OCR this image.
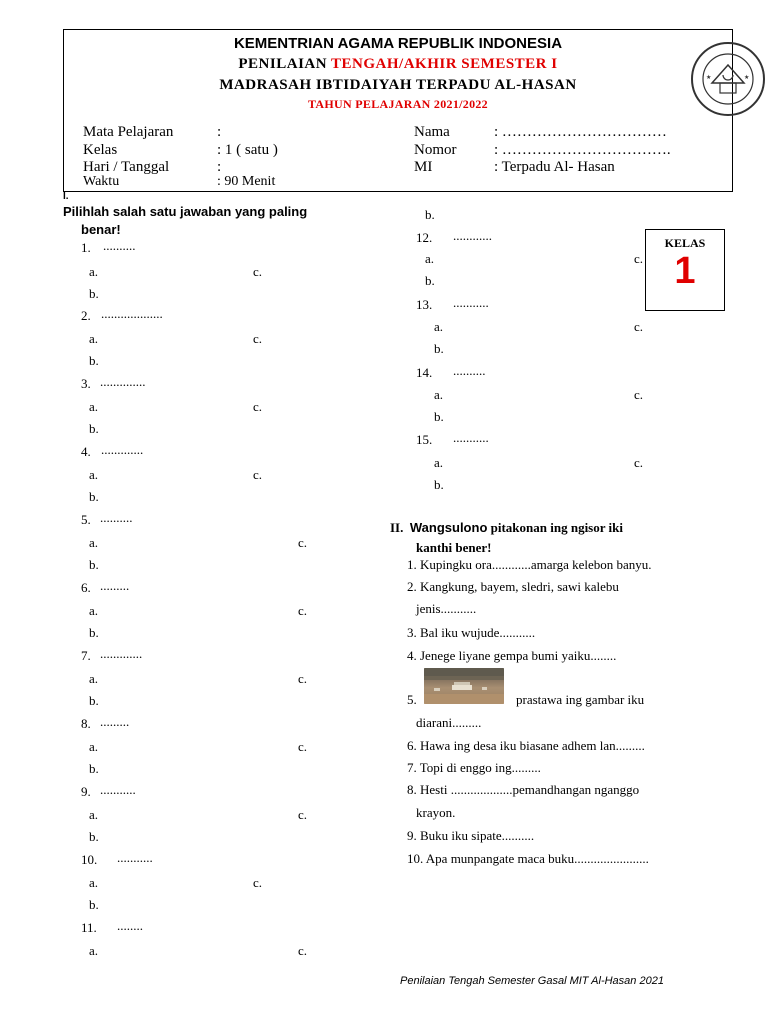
KEMENTRIAN AGAMA REPUBLIK INDONESIA
PENILAIAN TENGAH/AKHIR SEMESTER I
MADRASAH IBTIDAIYAH TERPADU AL-HASAN
TAHUN PELAJARAN 2021/2022
★	★
Mata Pelajaran	:
Kelas	: 1 ( satu )
Hari / Tanggal	:
Waktu	: 90 Menit
Nama	: ……………………………
Nomor	: …………………………….
MI	: Terpadu Al- Hasan
I.
Pilihlah salah satu jawaban yang paling
benar!
b.
1. ..........
a.	c.
b.
2. ...................
a.	c.
b.
3. ..............
a.	c.
b.
4. .............
a.	c.
b.
5. ..........
a.	c.
b.
6. .........
a.	c.
b.
7. .............
a.	c.
b.
8. .........
a.	c.
b.
9. ...........
a.	c.
b.
10. ...........
a.	c.
b.
11. ........
a.	c.
12. ............
a.	c.
b.
13. ...........
a.	c.
b.
14. ..........
a.	c.
b.
15. ...........
a.	c.
b.
KELAS
1
II. Wangsulono pitakonan ing ngisor iki
kanthi bener!
1. Kupingku ora............amarga kelebon banyu.
2. Kangkung, bayem, sledri, sawi kalebu
jenis...........
3. Bal iku wujude...........
4. Jenege liyane gempa bumi yaiku........
5.	prastawa ing gambar iku
diarani.........
6. Hawa ing desa iku biasane adhem lan.........
7. Topi di enggo ing.........
8. Hesti ...................pemandhangan nganggo
krayon.
9. Buku iku sipate..........
10. Apa munpangate maca buku.......................
Penilaian Tengah Semester Gasal MIT Al-Hasan 2021
